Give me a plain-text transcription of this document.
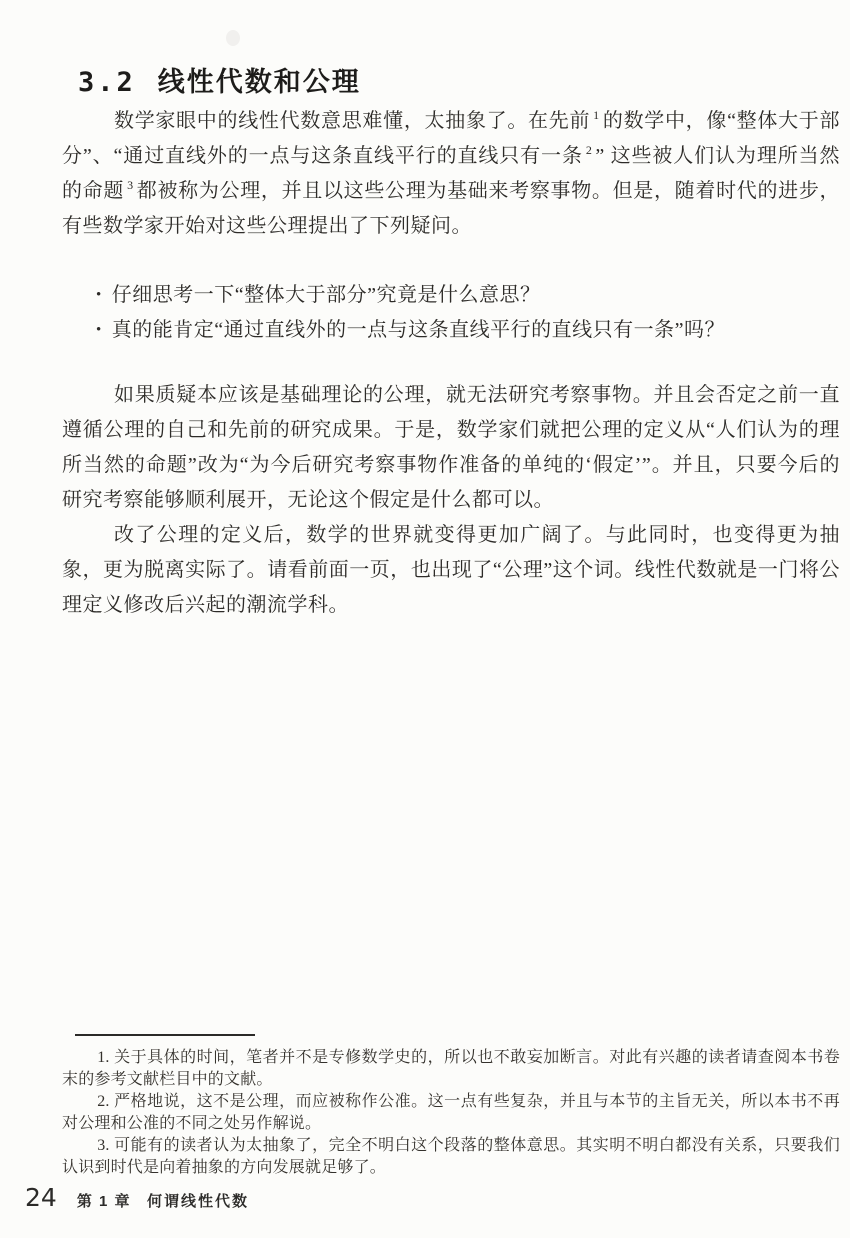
3.2 线性代数和公理

数学家眼中的线性代数意思难懂，太抽象了。在先前 $^1$ 的数学中，像“整体大于部分”、“通过直线外的一点与这条直线平行的直线只有一条 $^2$ ” 这些被人们认为理所当然的命题 $^3$ 都被称为公理，并且以这些公理为基础来考察事物。但是，随着时代的进步，有些数学家开始对这些公理提出了下列疑问。

• 仔细思考一下“整体大于部分”究竟是什么意思？
• 真的能肯定“通过直线外的一点与这条直线平行的直线只有一条”吗？

如果质疑本应该是基础理论的公理，就无法研究考察事物。并且会否定之前一直遵循公理的自己和先前的研究成果。于是，数学家们就把公理的定义从“人们认为的理所当然的命题”改为“为今后研究考察事物作准备的单纯的‘假定’”。并且，只要今后的研究考察能够顺利展开，无论这个假定是什么都可以。

改了公理的定义后，数学的世界就变得更加广阔了。与此同时，也变得更为抽象，更为脱离实际了。请看前面一页，也出现了“公理”这个词。线性代数就是一门将公理定义修改后兴起的潮流学科。

1. 关于具体的时间，笔者并不是专修数学史的，所以也不敢妄加断言。对此有兴趣的读者请查阅本书卷末的参考文献栏目中的文献。

2. 严格地说，这不是公理，而应被称作公准。这一点有些复杂，并且与本节的主旨无关，所以本书不再对公理和公准的不同之处另作解说。

3. 可能有的读者认为太抽象了，完全不明白这个段落的整体意思。其实明不明白都没有关系，只要我们认识到时代是向着抽象的方向发展就足够了。

24 第 1 章 何谓线性代数
